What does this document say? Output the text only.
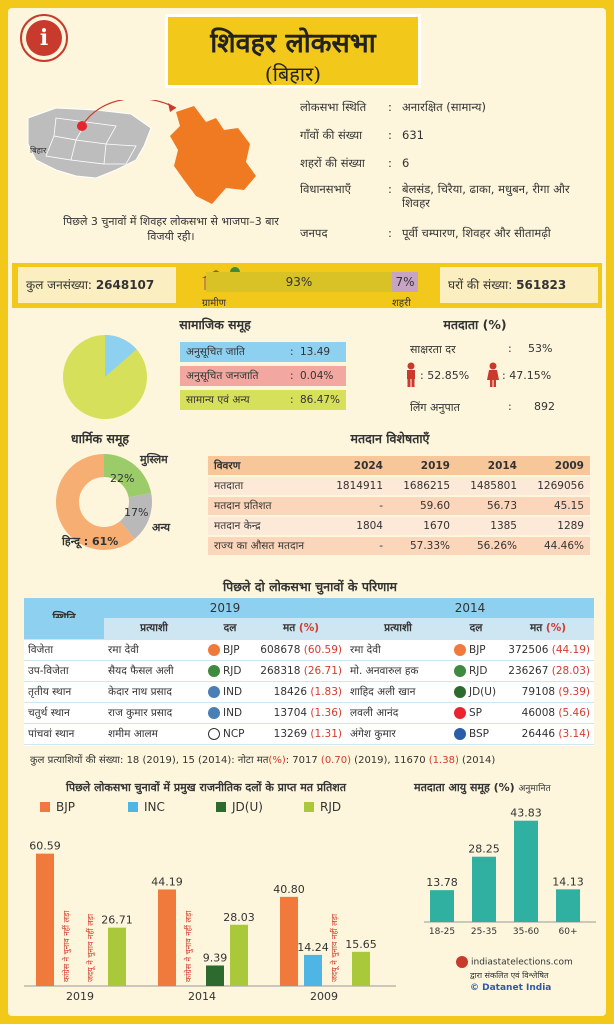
i	शिवहर लोकसभा
(बिहार)
बिहार
पिछले 3 चुनावों में शिवहर लोकसभा से भाजपा–3 बार विजयी रही।
लोकसभा स्थिति	: अनारक्षित (सामान्य)
गाँवों की संख्या	: 631
शहरों की संख्या	: 6
विधानसभाएँ	: बेलसंड, चिरैया, ढाका, मधुबन, रीगा और शिवहर
जनपद	: पूर्वी चम्पारण, शिवहर और सीतामढ़ी
कुल जनसंख्या: 2648107	घरों की संख्या: 561823
93%	7%
ग्रामीण	शहरी
सामाजिक समूह
अनुसूचित जाति	: 13.49
अनुसूचित जनजाति	: 0.04%
सामान्य एवं अन्य	: 86.47%
मतदाता (%)
साक्षरता दर	: 53%
: 52.85%	: 47.15%
लिंग अनुपात	: 892
धार्मिक समूह
22%
17%
मुस्लिम
अन्य
हिन्दू : 61%
मतदान विशेषताएँ
विवरण	2024	2019	2014	2009
मतदाता	1814911	1686215	1485801	1269056
मतदान प्रतिशत	-	59.60	56.73	45.15
मतदान केन्द्र	1804	1670	1385	1289
राज्य का औसत मतदान	-	57.33%	56.26%	44.46%
पिछले दो लोकसभा चुनावों के परिणाम
2019	2014
	प्रत्याशी	दल	मत (%)	प्रत्याशी	दल	मत (%)
विजेता	रमा देवी	BJP	608678 (60.59)	रमा देवी	BJP	372506 (44.19)
उप-विजेता	सैयद फैसल अली	RJD	268318 (26.71)	मो. अनवारुल हक	RJD	236267 (28.03)
तृतीय स्थान	केदार नाथ प्रसाद	IND	18426 (1.83)	शाहिद अली खान	JD(U)	79108 (9.39)
चतुर्थ स्थान	राज कुमार प्रसाद	IND	13704 (1.36)	लवली आनंद	SP	46008 (5.46)
पांचवां स्थान	शमीम आलम	NCP	13269 (1.31)	अंगेश कुमार	BSP	26446 (3.14)
कुल प्रत्याशियों की संख्या: 18 (2019), 15 (2014): नोटा मत(%): 7017 (0.70) (2019), 11670 (1.38) (2014)
पिछले लोकसभा चुनावों में प्रमुख राजनीतिक दलों के प्राप्त मत प्रतिशत
BJP	INC	JD(U)	RJD
60.59
कांग्रेस ने चुनाव नहीं लड़ा जदयू ने चुनाव नहीं लड़ा 26.71
2019
44.19
कांग्रेस ने चुनाव नहीं लड़ा 9.39
28.03
2014
40.80
14.24 जदयू ने चुनाव नहीं लड़ा 15.65
2009
मतदाता आयु समूह (%) अनुमानित
13.78
18-25
28.25
25-35
43.83
35-60
14.13
60+
indiastatelections.com
द्वारा संकलित एवं विश्लेषित
© Datanet India
